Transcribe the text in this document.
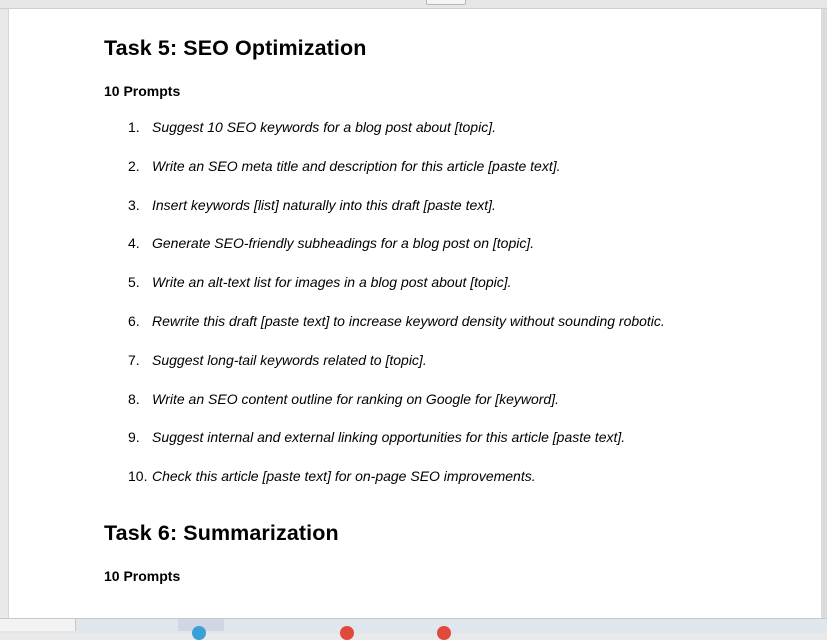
Task 5: SEO Optimization
10 Prompts
1. Suggest 10 SEO keywords for a blog post about [topic].
2. Write an SEO meta title and description for this article [paste text].
3. Insert keywords [list] naturally into this draft [paste text].
4. Generate SEO-friendly subheadings for a blog post on [topic].
5. Write an alt-text list for images in a blog post about [topic].
6. Rewrite this draft [paste text] to increase keyword density without sounding robotic.
7. Suggest long-tail keywords related to [topic].
8. Write an SEO content outline for ranking on Google for [keyword].
9. Suggest internal and external linking opportunities for this article [paste text].
10. Check this article [paste text] for on-page SEO improvements.
Task 6: Summarization
10 Prompts
